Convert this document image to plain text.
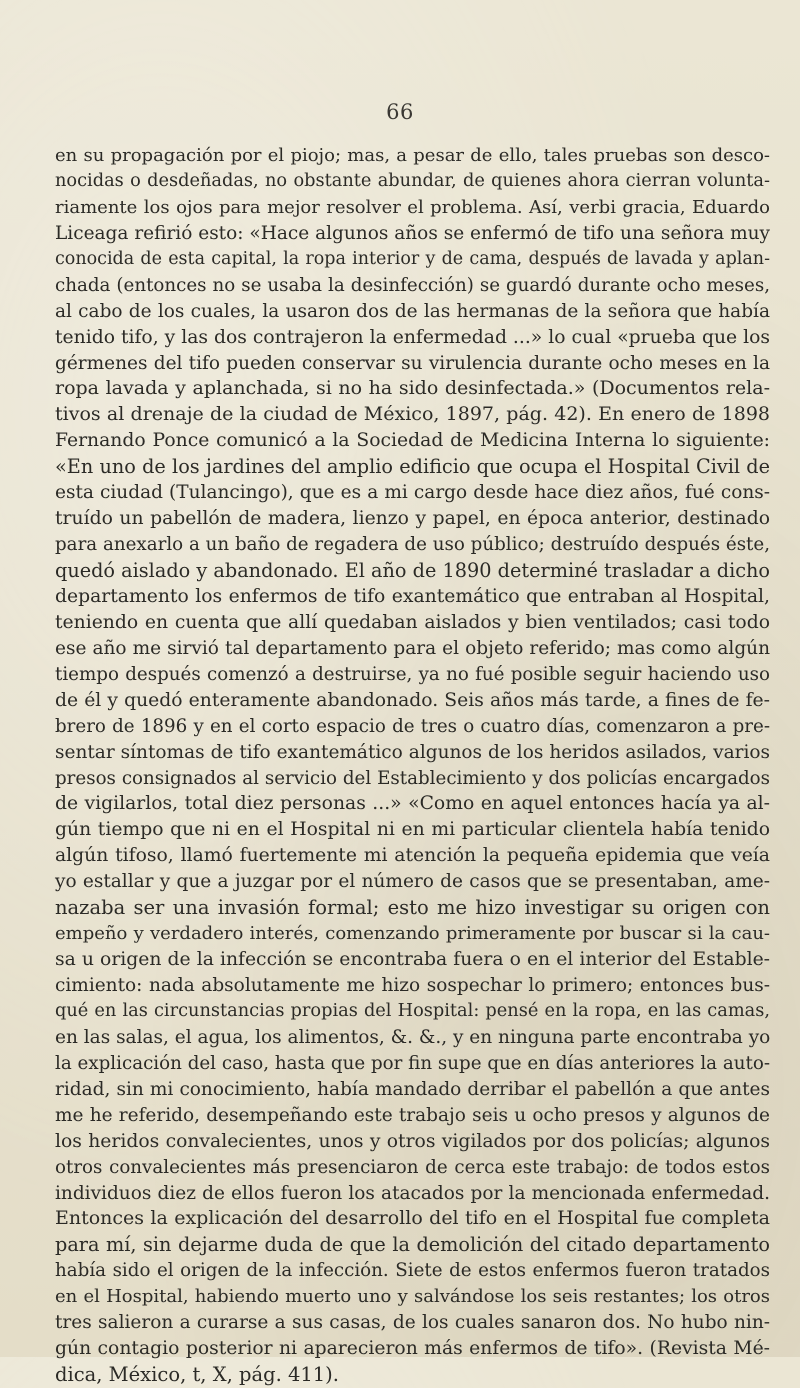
66
en su propagación por el piojo; mas, a pesar de ello, tales pruebas son desco-
nocidas o desdeñadas, no obstante abundar, de quienes ahora cierran volunta-
riamente los ojos para mejor resolver el problema. Así, verbi gracia, Eduardo
Liceaga refirió esto: «Hace algunos años se enfermó de tifo una señora muy
conocida de esta capital, la ropa interior y de cama, después de lavada y aplan-
chada (entonces no se usaba la desinfección) se guardó durante ocho meses,
al cabo de los cuales, la usaron dos de las hermanas de la señora que había
tenido tifo, y las dos contrajeron la enfermedad ...» lo cual «prueba que los
gérmenes del tifo pueden conservar su virulencia durante ocho meses en la
ropa lavada y aplanchada, si no ha sido desinfectada.» (Documentos rela-
tivos al drenaje de la ciudad de México, 1897, pág. 42). En enero de 1898
Fernando Ponce comunicó a la Sociedad de Medicina Interna lo siguiente:
«En uno de los jardines del amplio edificio que ocupa el Hospital Civil de
esta ciudad (Tulancingo), que es a mi cargo desde hace diez años, fué cons-
truído un pabellón de madera, lienzo y papel, en época anterior, destinado
para anexarlo a un baño de regadera de uso público; destruído después éste,
quedó aislado y abandonado. El año de 1890 determiné trasladar a dicho
departamento los enfermos de tifo exantemático que entraban al Hospital,
teniendo en cuenta que allí quedaban aislados y bien ventilados; casi todo
ese año me sirvió tal departamento para el objeto referido; mas como algún
tiempo después comenzó a destruirse, ya no fué posible seguir haciendo uso
de él y quedó enteramente abandonado. Seis años más tarde, a fines de fe-
brero de 1896 y en el corto espacio de tres o cuatro días, comenzaron a pre-
sentar síntomas de tifo exantemático algunos de los heridos asilados, varios
presos consignados al servicio del Establecimiento y dos policías encargados
de vigilarlos, total diez personas ...» «Como en aquel entonces hacía ya al-
gún tiempo que ni en el Hospital ni en mi particular clientela había tenido
algún tifoso, llamó fuertemente mi atención la pequeña epidemia que veía
yo estallar y que a juzgar por el número de casos que se presentaban, ame-
nazaba ser una invasión formal; esto me hizo investigar su origen con
empeño y verdadero interés, comenzando primeramente por buscar si la cau-
sa u origen de la infección se encontraba fuera o en el interior del Estable-
cimiento: nada absolutamente me hizo sospechar lo primero; entonces bus-
qué en las circunstancias propias del Hospital: pensé en la ropa, en las camas,
en las salas, el agua, los alimentos, &. &., y en ninguna parte encontraba yo
la explicación del caso, hasta que por fin supe que en días anteriores la auto-
ridad, sin mi conocimiento, había mandado derribar el pabellón a que antes
me he referido, desempeñando este trabajo seis u ocho presos y algunos de
los heridos convalecientes, unos y otros vigilados por dos policías; algunos
otros convalecientes más presenciaron de cerca este trabajo: de todos estos
individuos diez de ellos fueron los atacados por la mencionada enfermedad.
Entonces la explicación del desarrollo del tifo en el Hospital fue completa
para mí, sin dejarme duda de que la demolición del citado departamento
había sido el origen de la infección. Siete de estos enfermos fueron tratados
en el Hospital, habiendo muerto uno y salvándose los seis restantes; los otros
tres salieron a curarse a sus casas, de los cuales sanaron dos. No hubo nin-
gún contagio posterior ni aparecieron más enfermos de tifo». (Revista Mé-
dica, México, t, X, pág. 411).
